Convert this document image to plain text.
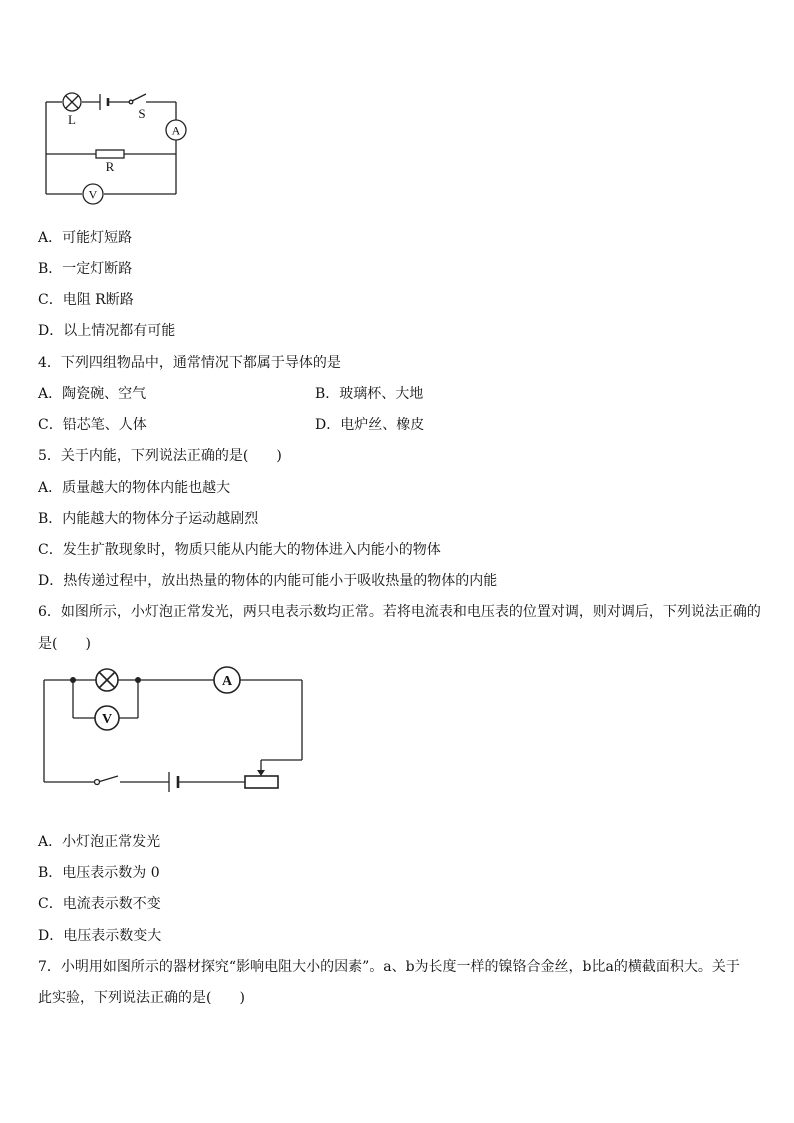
A
V
L	S
R
A．可能灯短路
B．一定灯断路
C．电阻 R断路
D．以上情况都有可能
4．下列四组物品中，通常情况下都属于导体的是
A．陶瓷碗、空气	B．玻璃杯、大地
C．铅芯笔、人体	D．电炉丝、橡皮
5．关于内能，下列说法正确的是(　　)
A．质量越大的物体内能也越大
B．内能越大的物体分子运动越剧烈
C．发生扩散现象时，物质只能从内能大的物体进入内能小的物体
D．热传递过程中，放出热量的物体的内能可能小于吸收热量的物体的内能
6．如图所示，小灯泡正常发光，两只电表示数均正常。若将电流表和电压表的位置对调，则对调后，下列说法正确的
是(　　)
V
A
A．小灯泡正常发光
B．电压表示数为 0
C．电流表示数不变
D．电压表示数变大
7．小明用如图所示的器材探究“影响电阻大小的因素”。a、b为长度一样的镍铬合金丝，b比a的横截面积大。关于
此实验，下列说法正确的是(　　)
